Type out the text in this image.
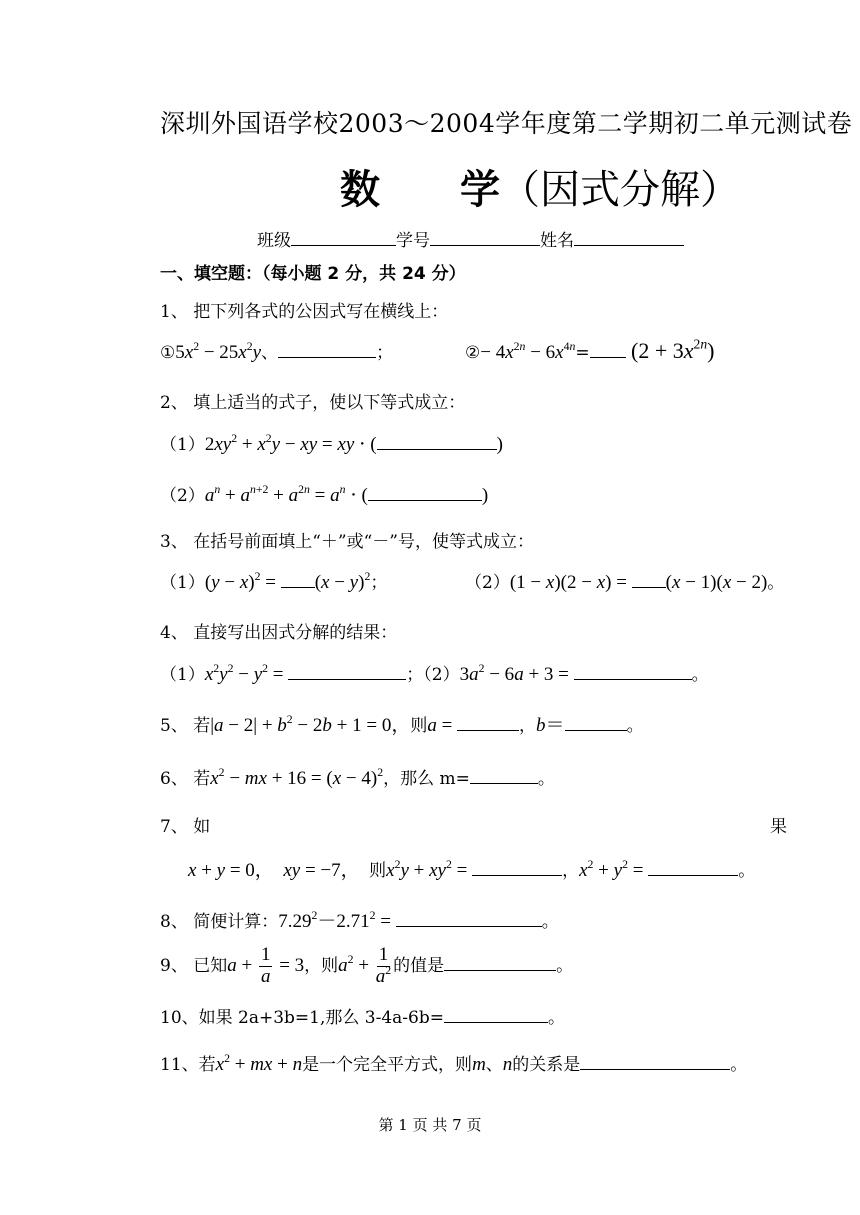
深圳外国语学校2003～2004学年度第二学期初二单元测试卷
数 学（因式分解）
班级	学号	姓名
一、填空题：（每小题 2 分，共 24 分）
1、 把下列各式的公因式写在横线上：
$①5x^2 - 25x^2y$、	；	②− $4x^{2n} - 6x^{4n}= (2 + 3x^{2n})$
2、 填上适当的式子，使以下等式成立：
$(1)2xy^2 + x^2y$ − xy = xy ⋅ (	)
$(2)a^n + a^{n+2} + a^{2n} = a^n$ ⋅ (	)
3、 在括号前面填上“＋”或“－”号，使等式成立：
$(1)(y - x)^2 = (x - y)^2$；	（2）(1 − x)(2 − x) = (x − 1)(x − 2)。
4、 直接写出因式分解的结果：
$(1)x^2y^2 - y^2$ =	；$(2)3a^2 - 6a + 3$ =	。
5、 若$|a - 2| + b^2 - 2b + 1 = 0$，则a =	，b＝	。
6、 若$x^2$ − mx + $16 = (x - 4)^2$，那么 m=	。
7、 如	果
x + y = 0，  xy = −7，  则$x^2y + xy^2$ =	，$x^2 + y^2$ =	。
8、 简便计算：$7.29^2-2.71^2$ =	。
9、 已知$a + \frac{1}{a} = 3$，则$a^2 + \frac{1}{a^2}$ 的值是	。
10、如果 2a+3b=1,那么 3-4a-6b=	。
11、若$x^2$ + mx + n是一个完全平方式，则m、n的关系是	。
第 1 页 共 7 页
